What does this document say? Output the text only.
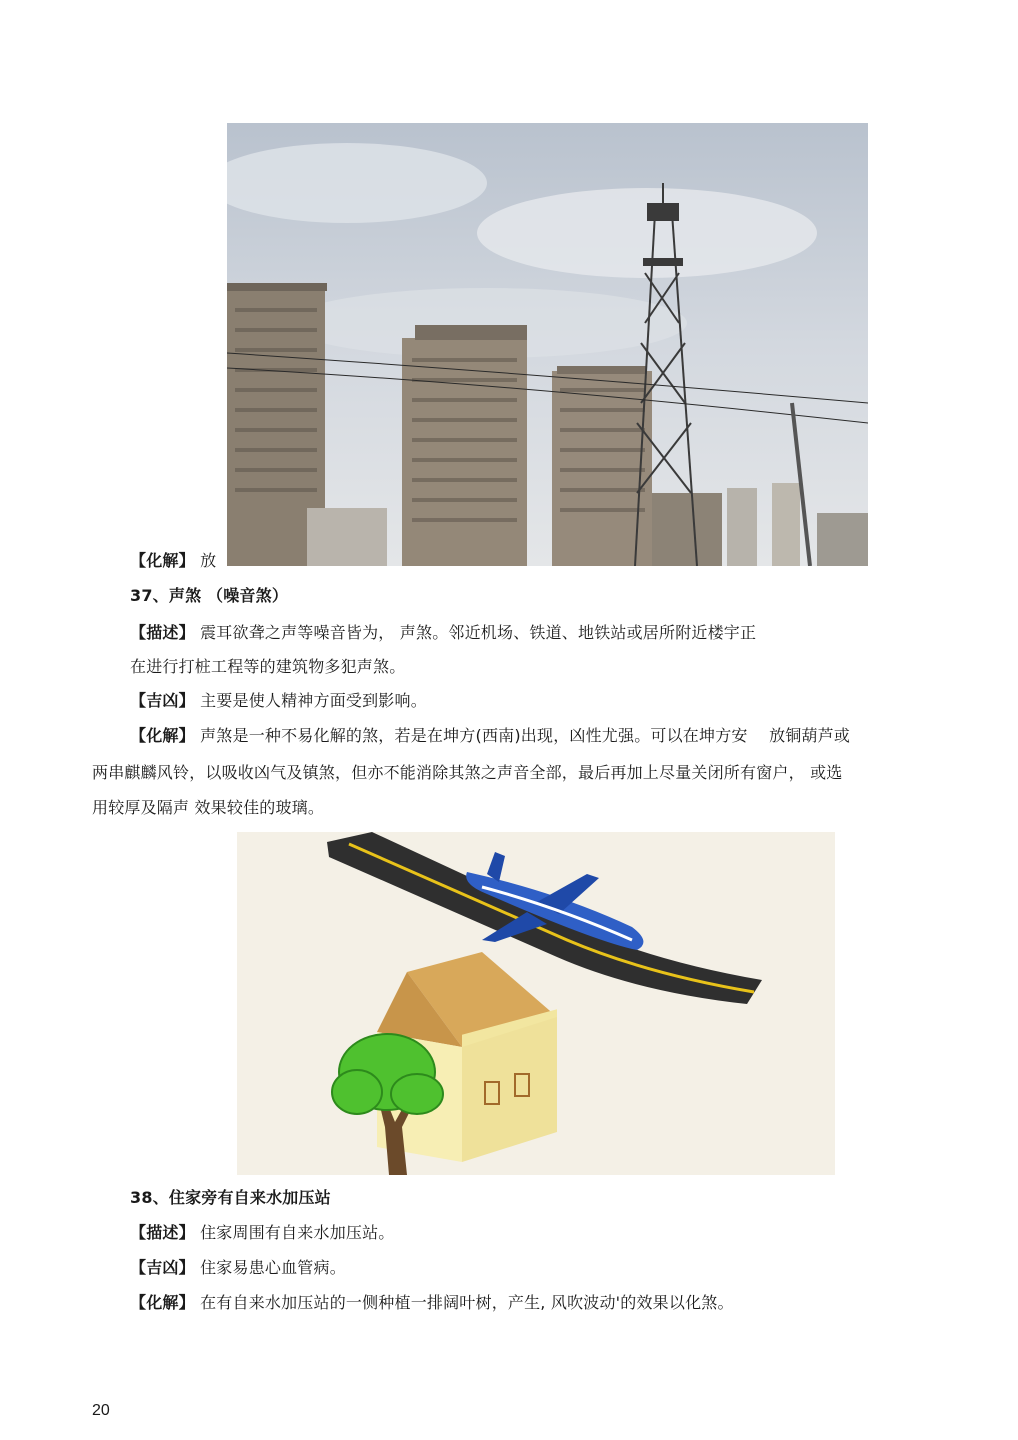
【化解】 放
37、声煞 （噪音煞）
【描述】 震耳欲聋之声等噪音皆为， 声煞。邻近机场、铁道、地铁站或居所附近楼宇正
在进行打桩工程等的建筑物多犯声煞。
【吉凶】 主要是使人精神方面受到影响。
【化解】 声煞是一种不易化解的煞，若是在坤方(西南)出现，凶性尤强。可以在坤方安　 放铜葫芦或
两串麒麟风铃，以吸收凶气及镇煞，但亦不能消除其煞之声音全部，最后再加上尽量关闭所有窗户， 或选
用较厚及隔声 效果较佳的玻璃。
38、住家旁有自来水加压站
【描述】 住家周围有自来水加压站。
【吉凶】 住家易患心血管病。
【化解】 在有自来水加压站的一侧种植一排阔叶树，产生, 风吹波动'的效果以化煞。
20
